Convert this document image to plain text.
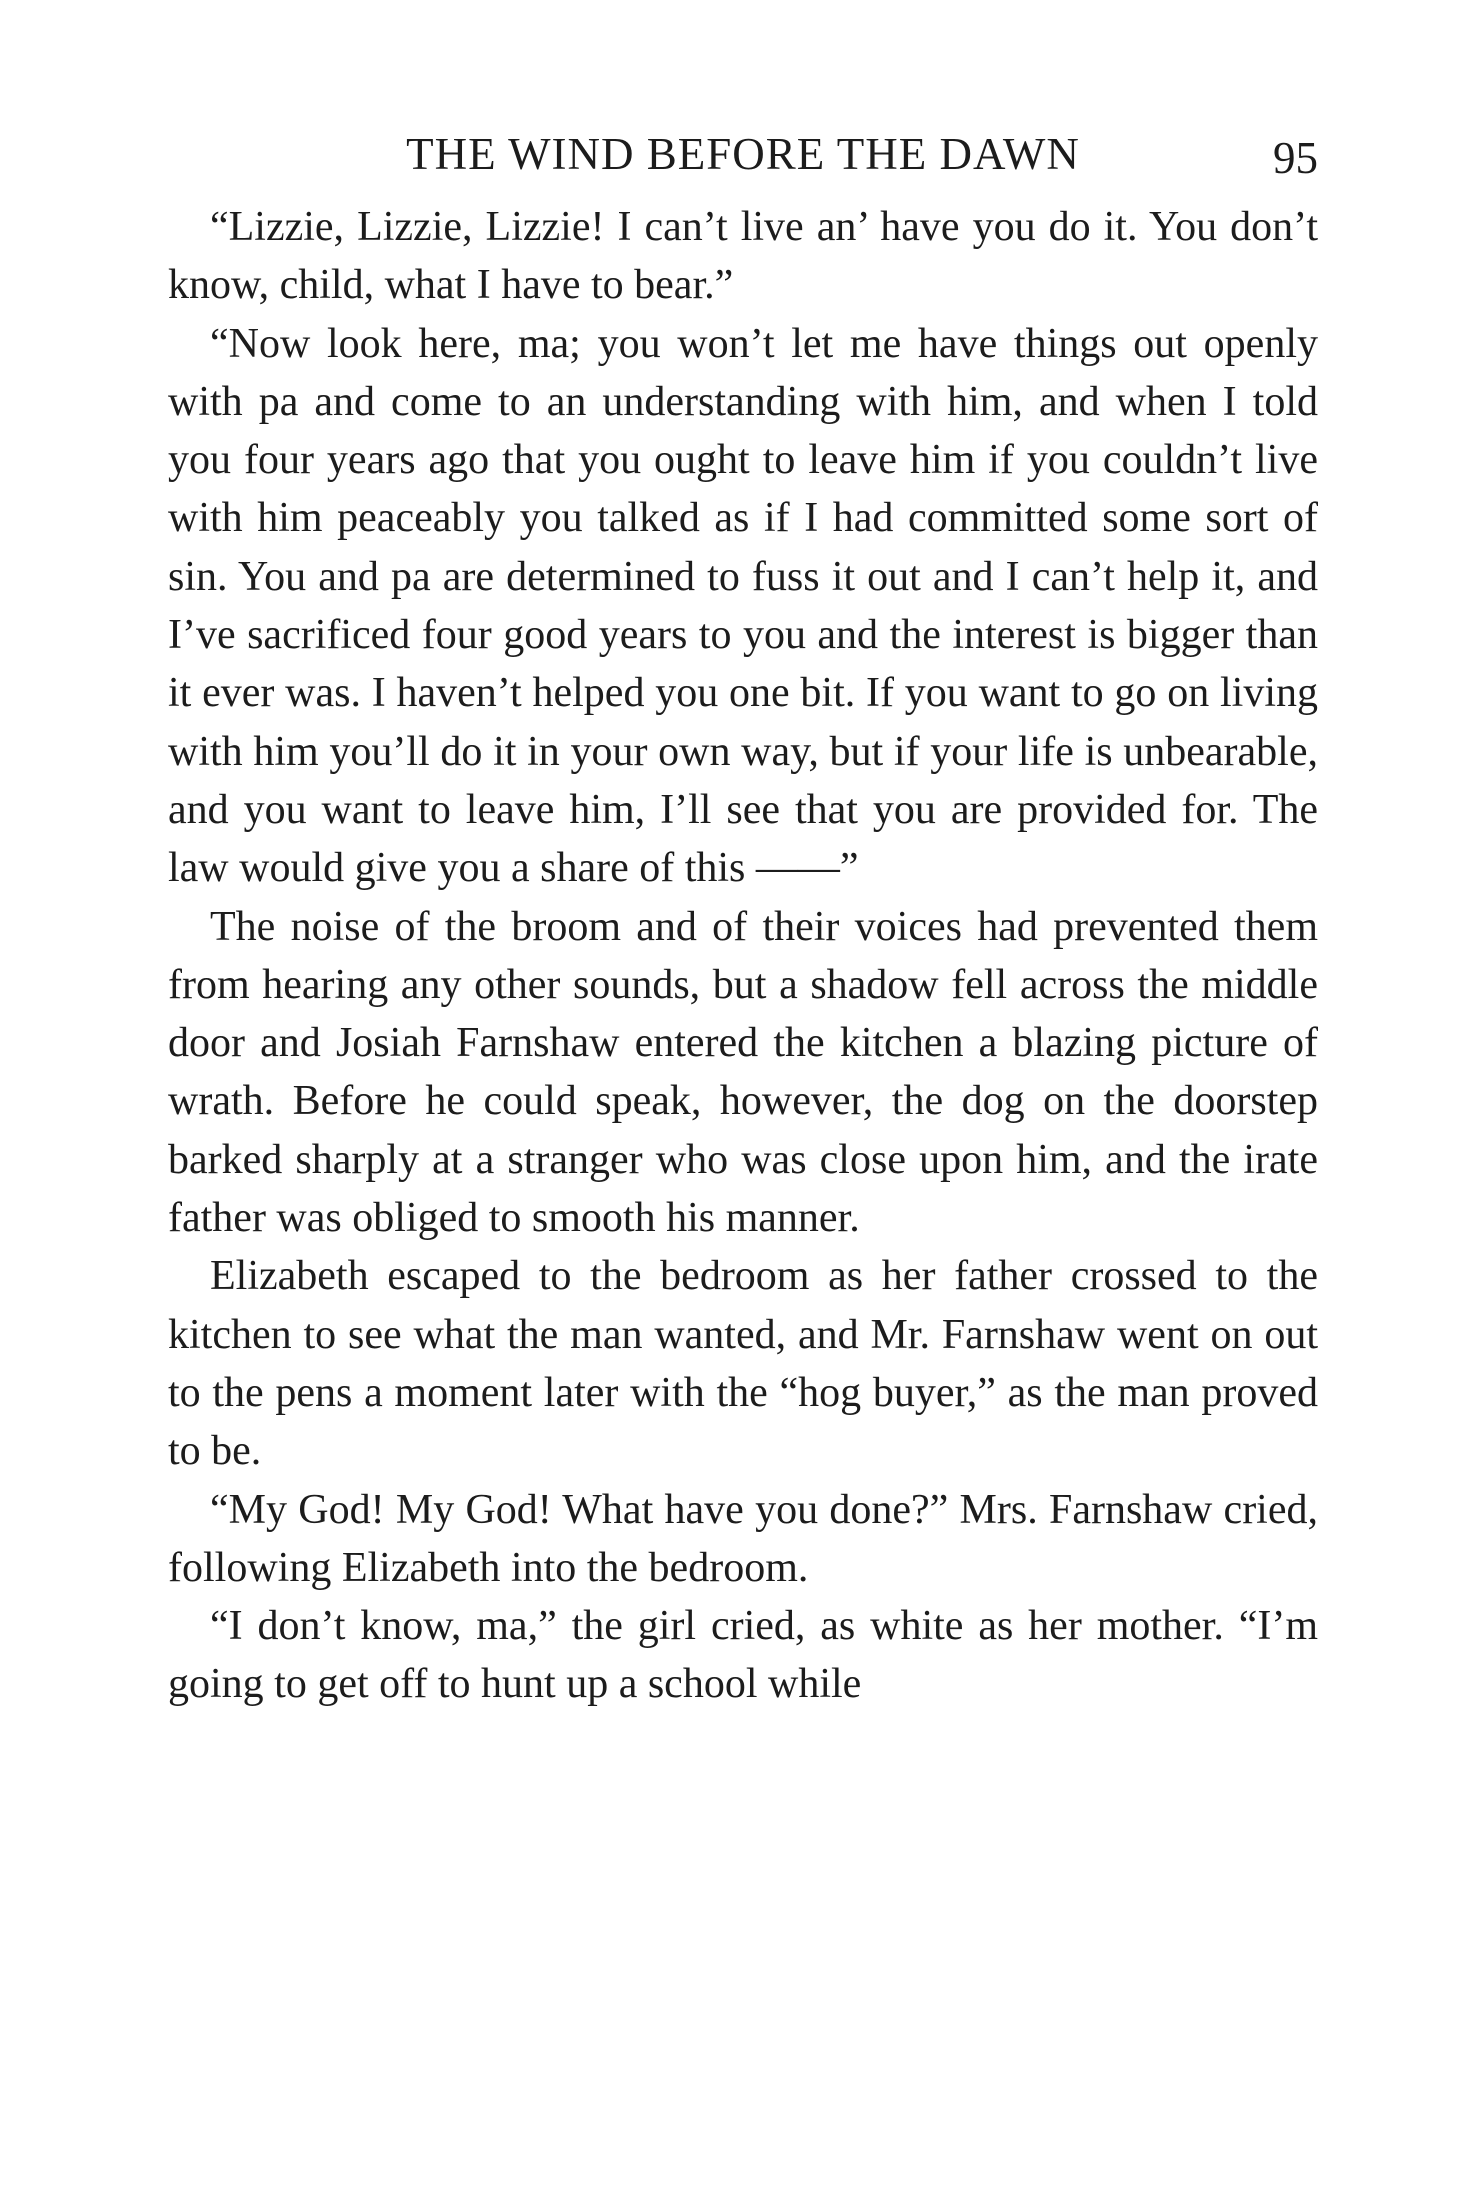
THE WIND BEFORE THE DAWN	95

“Lizzie, Lizzie, Lizzie! I can’t live an’ have you do it. You don’t know, child, what I have to bear.”

“Now look here, ma; you won’t let me have things out openly with pa and come to an understanding with him, and when I told you four years ago that you ought to leave him if you couldn’t live with him peaceably you talked as if I had committed some sort of sin. You and pa are determined to fuss it out and I can’t help it, and I’ve sacrificed four good years to you and the interest is bigger than it ever was. I haven’t helped you one bit. If you want to go on living with him you’ll do it in your own way, but if your life is unbearable, and you want to leave him, I’ll see that you are provided for. The law would give you a share of this ——”

The noise of the broom and of their voices had prevented them from hearing any other sounds, but a shadow fell across the middle door and Josiah Farnshaw entered the kitchen a blazing picture of wrath. Before he could speak, however, the dog on the doorstep barked sharply at a stranger who was close upon him, and the irate father was obliged to smooth his manner.

Elizabeth escaped to the bedroom as her father crossed to the kitchen to see what the man wanted, and Mr. Farnshaw went on out to the pens a moment later with the “hog buyer,” as the man proved to be.

“My God! My God! What have you done?” Mrs. Farnshaw cried, following Elizabeth into the bedroom.

“I don’t know, ma,” the girl cried, as white as her mother. “I’m going to get off to hunt up a school while
